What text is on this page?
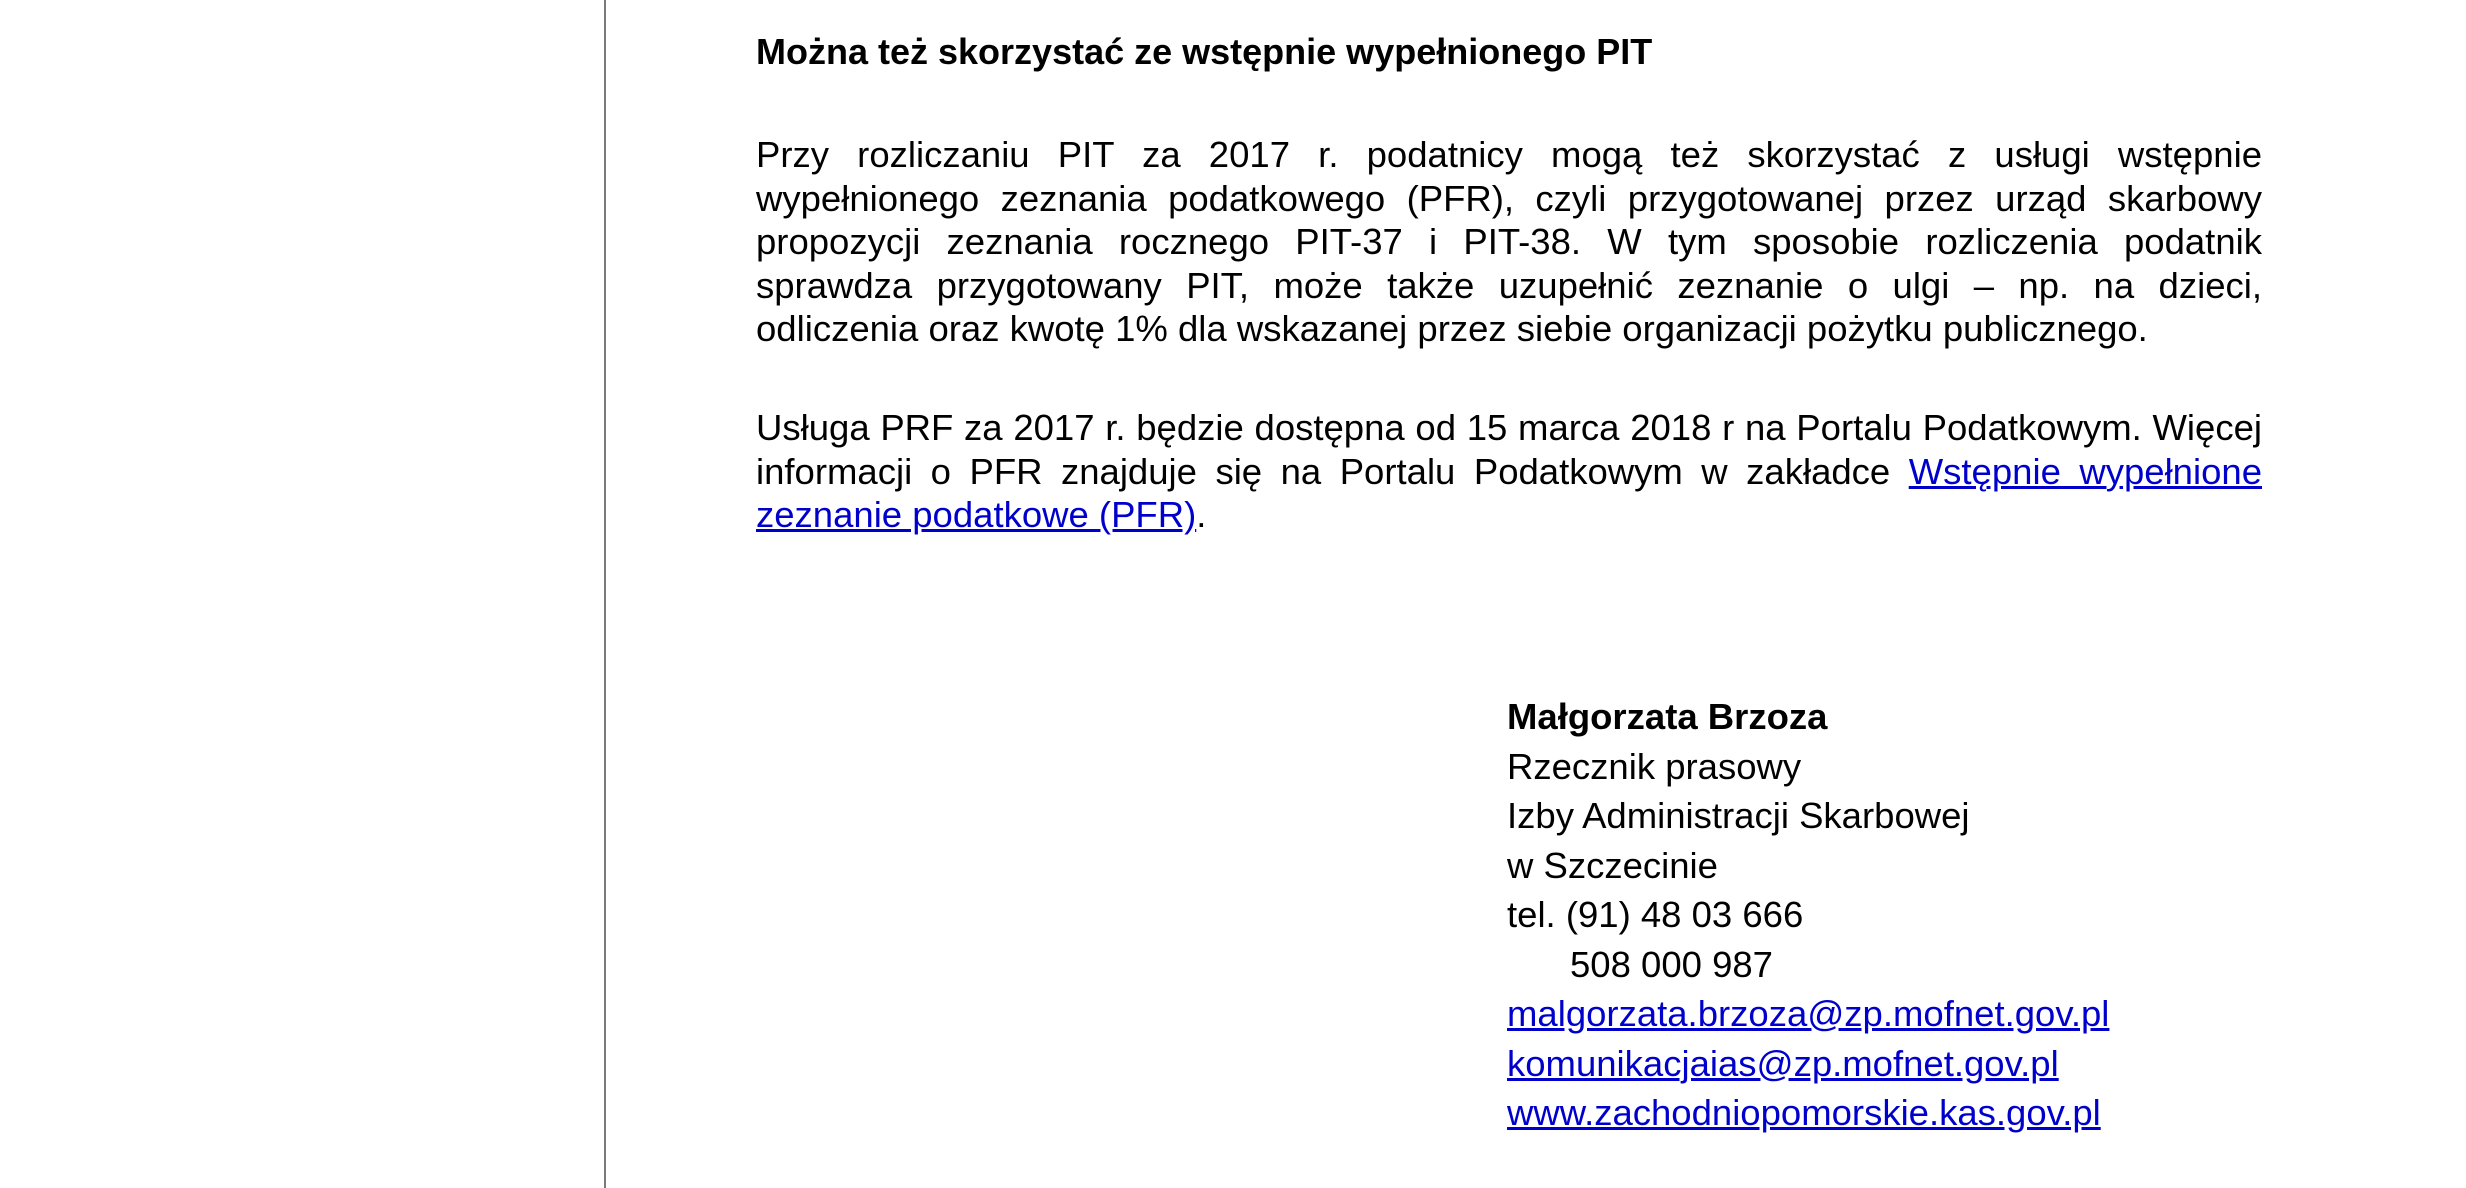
Można też skorzystać ze wstępnie wypełnionego PIT

Przy rozliczaniu PIT za 2017 r. podatnicy mogą też skorzystać z usługi wstępnie wypełnionego zeznania podatkowego (PFR), czyli przygotowanej przez urząd skarbowy propozycji zeznania rocznego PIT-37 i PIT-38. W tym sposobie rozliczenia podatnik sprawdza przygotowany PIT, może także uzupełnić zeznanie o ulgi – np. na dzieci, odliczenia oraz kwotę 1% dla wskazanej przez siebie organizacji pożytku publicznego.

Usługa PRF za 2017 r. będzie dostępna od 15 marca 2018 r na Portalu Podatkowym. Więcej informacji o PFR znajduje się na Portalu Podatkowym w zakładce Wstępnie wypełnione zeznanie podatkowe (PFR).

Małgorzata Brzoza
Rzecznik prasowy
Izby Administracji Skarbowej
w Szczecinie
tel. (91) 48 03 666
508 000 987
malgorzata.brzoza@zp.mofnet.gov.pl
komunikacjaias@zp.mofnet.gov.pl
www.zachodniopomorskie.kas.gov.pl
